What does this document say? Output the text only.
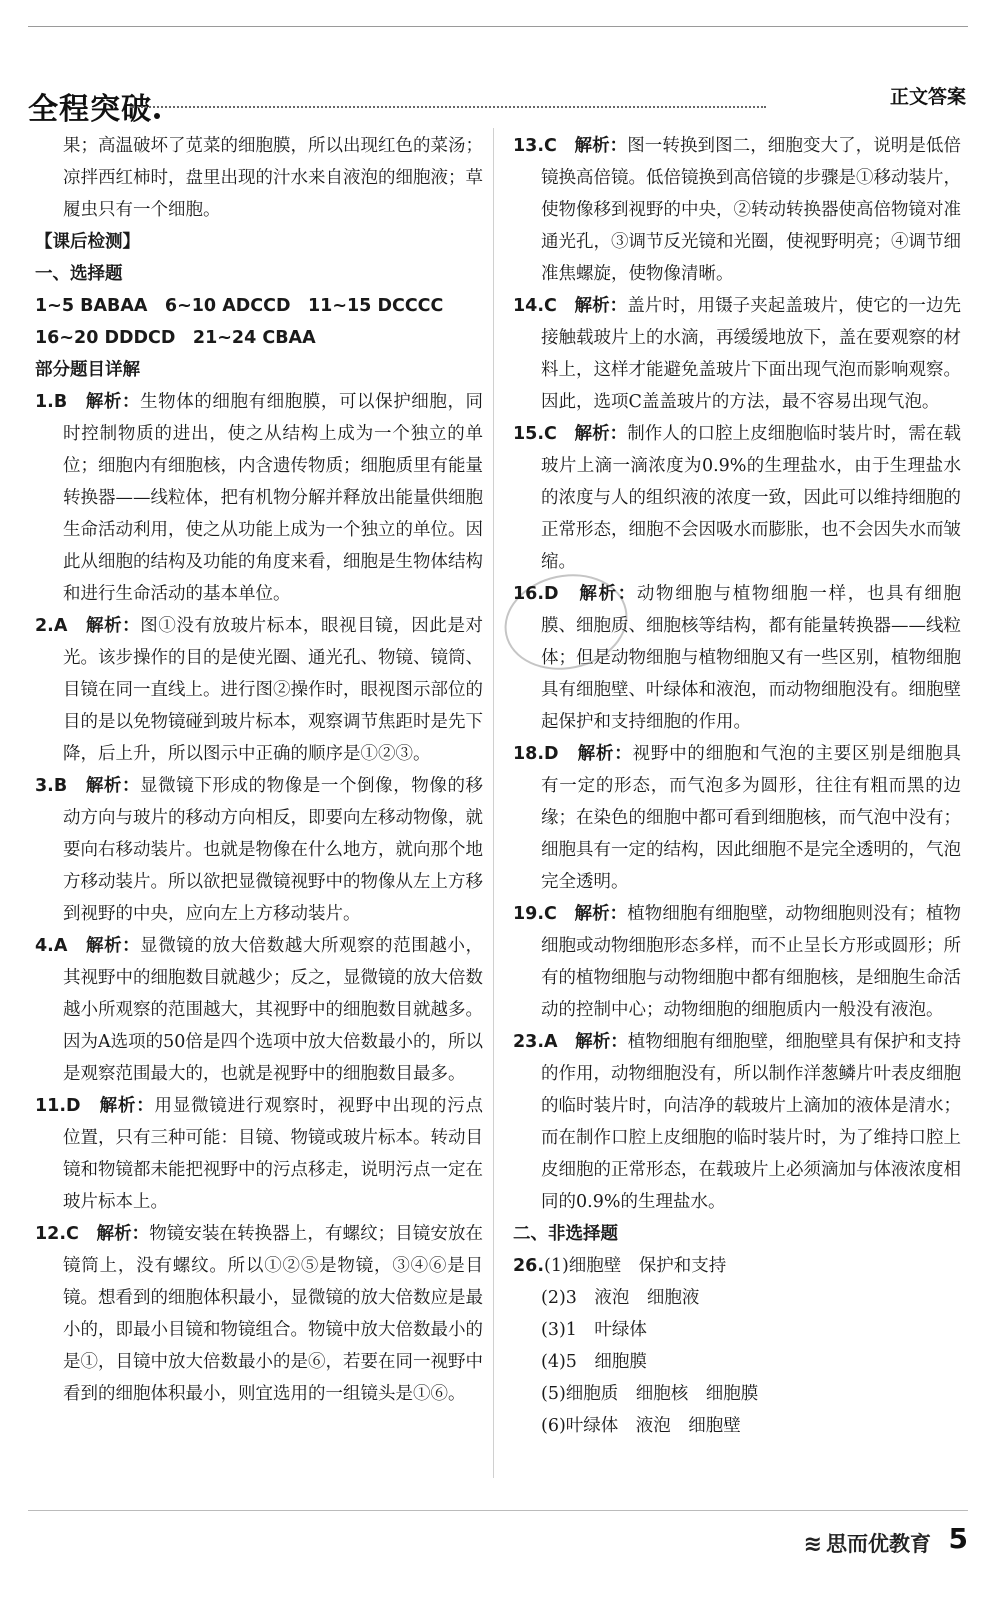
全程突破	正文答案

果；高温破坏了苋菜的细胞膜，所以出现红色的菜汤；凉拌西红柿时，盘里出现的汁水来自液泡的细胞液；草履虫只有一个细胞。

【课后检测】

一、选择题

1~5 BABAA　6~10 ADCCD　11~15 DCCCC

16~20 DDDCD　21~24 CBAA

部分题目详解

1.B　 解析：生物体的细胞有细胞膜，可以保护细胞，同时控制物质的进出，使之从结构上成为一个独立的单位；细胞内有细胞核，内含遗传物质；细胞质里有能量转换器——线粒体，把有机物分解并释放出能量供细胞生命活动利用，使之从功能上成为一个独立的单位。因此从细胞的结构及功能的角度来看，细胞是生物体结构和进行生命活动的基本单位。

2.A　 解析：图①没有放玻片标本，眼视目镜，因此是对光。该步操作的目的是使光圈、通光孔、物镜、镜筒、目镜在同一直线上。进行图②操作时，眼视图示部位的目的是以免物镜碰到玻片标本，观察调节焦距时是先下降，后上升，所以图示中正确的顺序是①②③。

3.B　 解析：显微镜下形成的物像是一个倒像，物像的移动方向与玻片的移动方向相反，即要向左移动物像，就要向右移动装片。也就是物像在什么地方，就向那个地方移动装片。所以欲把显微镜视野中的物像从左上方移到视野的中央，应向左上方移动装片。

4.A　 解析：显微镜的放大倍数越大所观察的范围越小，其视野中的细胞数目就越少；反之，显微镜的放大倍数越小所观察的范围越大，其视野中的细胞数目就越多。因为A选项的50倍是四个选项中放大倍数最小的，所以是观察范围最大的，也就是视野中的细胞数目最多。

11.D　 解析：用显微镜进行观察时，视野中出现的污点位置，只有三种可能：目镜、物镜或玻片标本。转动目镜和物镜都未能把视野中的污点移走，说明污点一定在玻片标本上。

12.C　 解析：物镜安装在转换器上，有螺纹；目镜安放在镜筒上，没有螺纹。所以①②⑤是物镜，③④⑥是目镜。想看到的细胞体积最小，显微镜的放大倍数应是最小的，即最小目镜和物镜组合。物镜中放大倍数最小的是①，目镜中放大倍数最小的是⑥，若要在同一视野中看到的细胞体积最小，则宜选用的一组镜头是①⑥。

13.C　 解析：图一转换到图二，细胞变大了，说明是低倍镜换高倍镜。低倍镜换到高倍镜的步骤是①移动装片，使物像移到视野的中央，②转动转换器使高倍物镜对准通光孔，③调节反光镜和光圈，使视野明亮；④调节细准焦螺旋，使物像清晰。

14.C　 解析：盖片时，用镊子夹起盖玻片，使它的一边先接触载玻片上的水滴，再缓缓地放下，盖在要观察的材料上，这样才能避免盖玻片下面出现气泡而影响观察。因此，选项C盖盖玻片的方法，最不容易出现气泡。

15.C　 解析：制作人的口腔上皮细胞临时装片时，需在载玻片上滴一滴浓度为0.9%的生理盐水，由于生理盐水的浓度与人的组织液的浓度一致，因此可以维持细胞的正常形态，细胞不会因吸水而膨胀，也不会因失水而皱缩。

16.D　 解析：动物细胞与植物细胞一样，也具有细胞膜、细胞质、细胞核等结构，都有能量转换器——线粒体；但是动物细胞与植物细胞又有一些区别，植物细胞具有细胞壁、叶绿体和液泡，而动物细胞没有。细胞壁起保护和支持细胞的作用。

18.D　 解析：视野中的细胞和气泡的主要区别是细胞具有一定的形态，而气泡多为圆形，往往有粗而黑的边缘；在染色的细胞中都可看到细胞核，而气泡中没有；细胞具有一定的结构，因此细胞不是完全透明的，气泡完全透明。

19.C　 解析：植物细胞有细胞壁，动物细胞则没有；植物细胞或动物细胞形态多样，而不止呈长方形或圆形；所有的植物细胞与动物细胞中都有细胞核，是细胞生命活动的控制中心；动物细胞的细胞质内一般没有液泡。

23.A　 解析：植物细胞有细胞壁，细胞壁具有保护和支持的作用，动物细胞没有，所以制作洋葱鳞片叶表皮细胞的临时装片时，向洁净的载玻片上滴加的液体是清水；而在制作口腔上皮细胞的临时装片时，为了维持口腔上皮细胞的正常形态，在载玻片上必须滴加与体液浓度相同的0.9%的生理盐水。

二、非选择题

26.(1)细胞壁　保护和支持

(2)3　液泡　细胞液

(3)1　叶绿体

(4)5　细胞膜

(5)细胞质　细胞核　细胞膜

(6)叶绿体　液泡　细胞壁

≋ 思而优教育 5
